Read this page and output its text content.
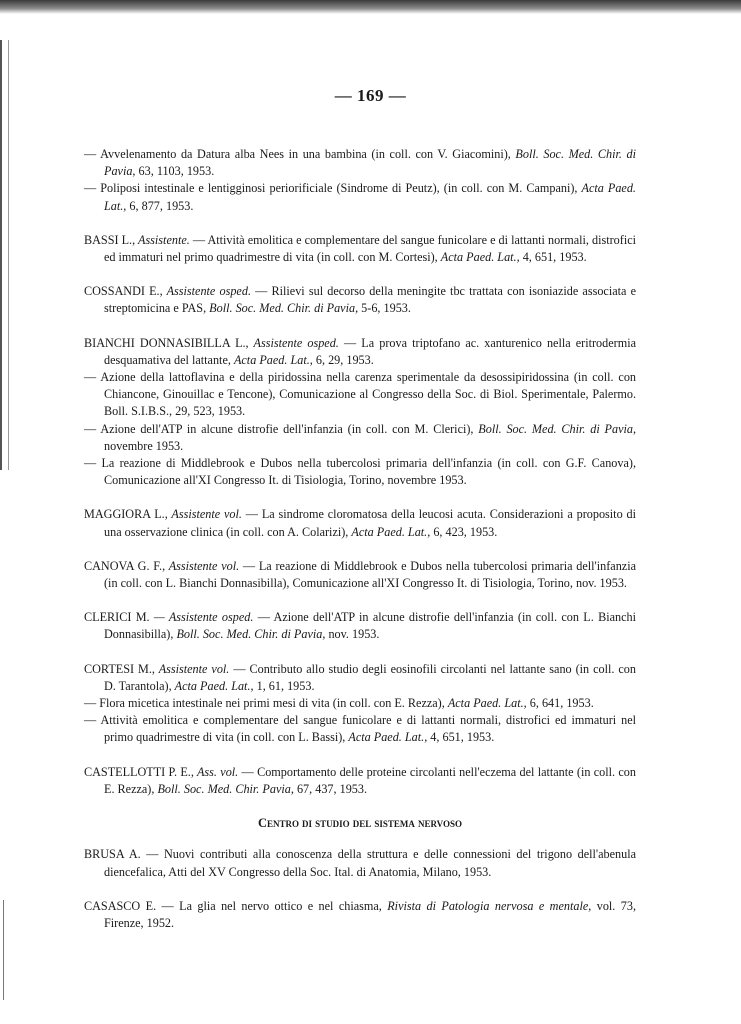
— 169 —

— Avvelenamento da Datura alba Nees in una bambina (in coll. con V. Giacomini), Boll. Soc. Med. Chir. di Pavia, 63, 1103, 1953.

— Poliposi intestinale e lentigginosi periorificiale (Sindrome di Peutz), (in coll. con M. Campani), Acta Paed. Lat., 6, 877, 1953.

BASSI L., Assistente. — Attività emolitica e complementare del sangue funicolare e di lattanti normali, distrofici ed immaturi nel primo quadrimestre di vita (in coll. con M. Cortesi), Acta Paed. Lat., 4, 651, 1953.

COSSANDI E., Assistente osped. — Rilievi sul decorso della meningite tbc trattata con isoniazide associata e streptomicina e PAS, Boll. Soc. Med. Chir. di Pavia, 5-6, 1953.

BIANCHI DONNASIBILLA L., Assistente osped. — La prova triptofano ac. xanturenico nella eritrodermia desquamativa del lattante, Acta Paed. Lat., 6, 29, 1953.

— Azione della lattoflavina e della piridossina nella carenza sperimentale da desossipiridossina (in coll. con Chiancone, Ginouillac e Tencone), Comunicazione al Congresso della Soc. di Biol. Sperimentale, Palermo. Boll. S.I.B.S., 29, 523, 1953.

— Azione dell'ATP in alcune distrofie dell'infanzia (in coll. con M. Clerici), Boll. Soc. Med. Chir. di Pavia, novembre 1953.

— La reazione di Middlebrook e Dubos nella tubercolosi primaria dell'infanzia (in coll. con G.F. Canova), Comunicazione all'XI Congresso It. di Tisiologia, Torino, novembre 1953.

MAGGIORA L., Assistente vol. — La sindrome cloromatosa della leucosi acuta. Considerazioni a proposito di una osservazione clinica (in coll. con A. Colarizi), Acta Paed. Lat., 6, 423, 1953.

CANOVA G. F., Assistente vol. — La reazione di Middlebrook e Dubos nella tubercolosi primaria dell'infanzia (in coll. con L. Bianchi Donnasibilla), Comunicazione all'XI Congresso It. di Tisiologia, Torino, nov. 1953.

CLERICI M. — Assistente osped. — Azione dell'ATP in alcune distrofie dell'infanzia (in coll. con L. Bianchi Donnasibilla), Boll. Soc. Med. Chir. di Pavia, nov. 1953.

CORTESI M., Assistente vol. — Contributo allo studio degli eosinofili circolanti nel lattante sano (in coll. con D. Tarantola), Acta Paed. Lat., 1, 61, 1953.

— Flora micetica intestinale nei primi mesi di vita (in coll. con E. Rezza), Acta Paed. Lat., 6, 641, 1953.

— Attività emolitica e complementare del sangue funicolare e di lattanti normali, distrofici ed immaturi nel primo quadrimestre di vita (in coll. con L. Bassi), Acta Paed. Lat., 4, 651, 1953.

CASTELLOTTI P. E., Ass. vol. — Comportamento delle proteine circolanti nell'eczema del lattante (in coll. con E. Rezza), Boll. Soc. Med. Chir. Pavia, 67, 437, 1953.

Centro di studio del sistema nervoso

BRUSA A. — Nuovi contributi alla conoscenza della struttura e delle connessioni del trigono dell'abenula diencefalica, Atti del XV Congresso della Soc. Ital. di Anatomia, Milano, 1953.

CASASCO E. — La glia nel nervo ottico e nel chiasma, Rivista di Patologia nervosa e mentale, vol. 73, Firenze, 1952.
